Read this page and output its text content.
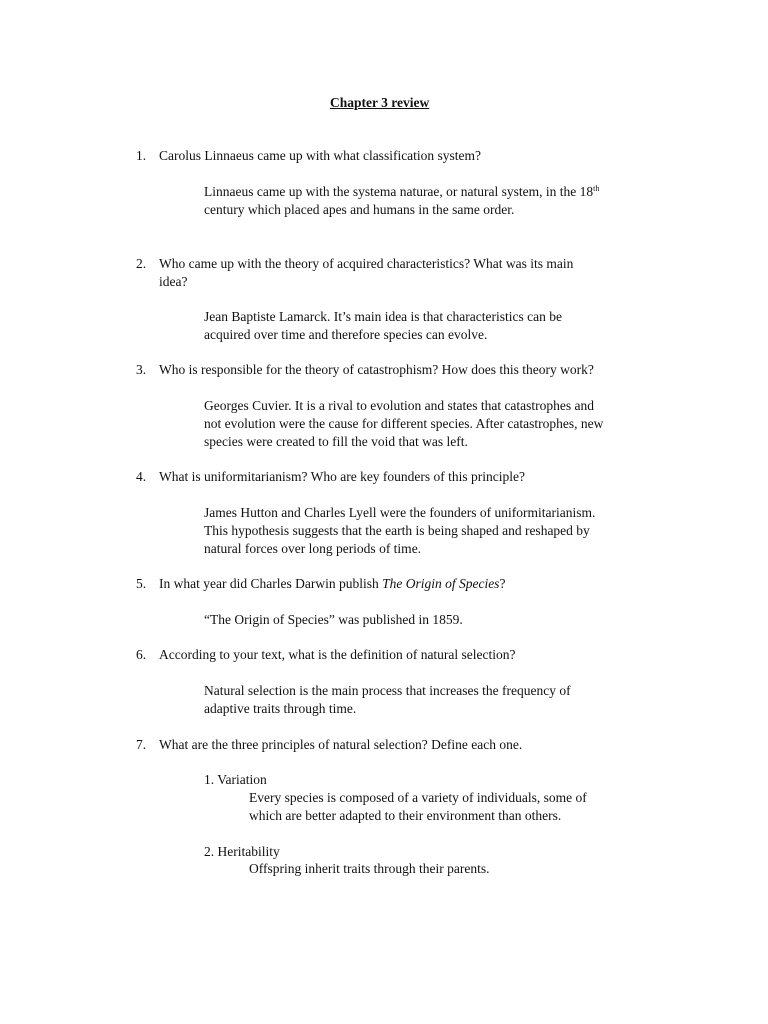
Chapter 3 review
1. Carolus Linnaeus came up with what classification system?
Linnaeus came up with the systema naturae, or natural system, in the 18th
century which placed apes and humans in the same order.
2. Who came up with the theory of acquired characteristics? What was its main
idea?
Jean Baptiste Lamarck. It’s main idea is that characteristics can be
acquired over time and therefore species can evolve.
3. Who is responsible for the theory of catastrophism? How does this theory work?
Georges Cuvier. It is a rival to evolution and states that catastrophes and
not evolution were the cause for different species. After catastrophes, new
species were created to fill the void that was left.
4. What is uniformitarianism? Who are key founders of this principle?
James Hutton and Charles Lyell were the founders of uniformitarianism.
This hypothesis suggests that the earth is being shaped and reshaped by
natural forces over long periods of time.
5. In what year did Charles Darwin publish The Origin of Species?
“The Origin of Species” was published in 1859.
6. According to your text, what is the definition of natural selection?
Natural selection is the main process that increases the frequency of
adaptive traits through time.
7. What are the three principles of natural selection? Define each one.
1. Variation
Every species is composed of a variety of individuals, some of
which are better adapted to their environment than others.
2. Heritability
Offspring inherit traits through their parents.
